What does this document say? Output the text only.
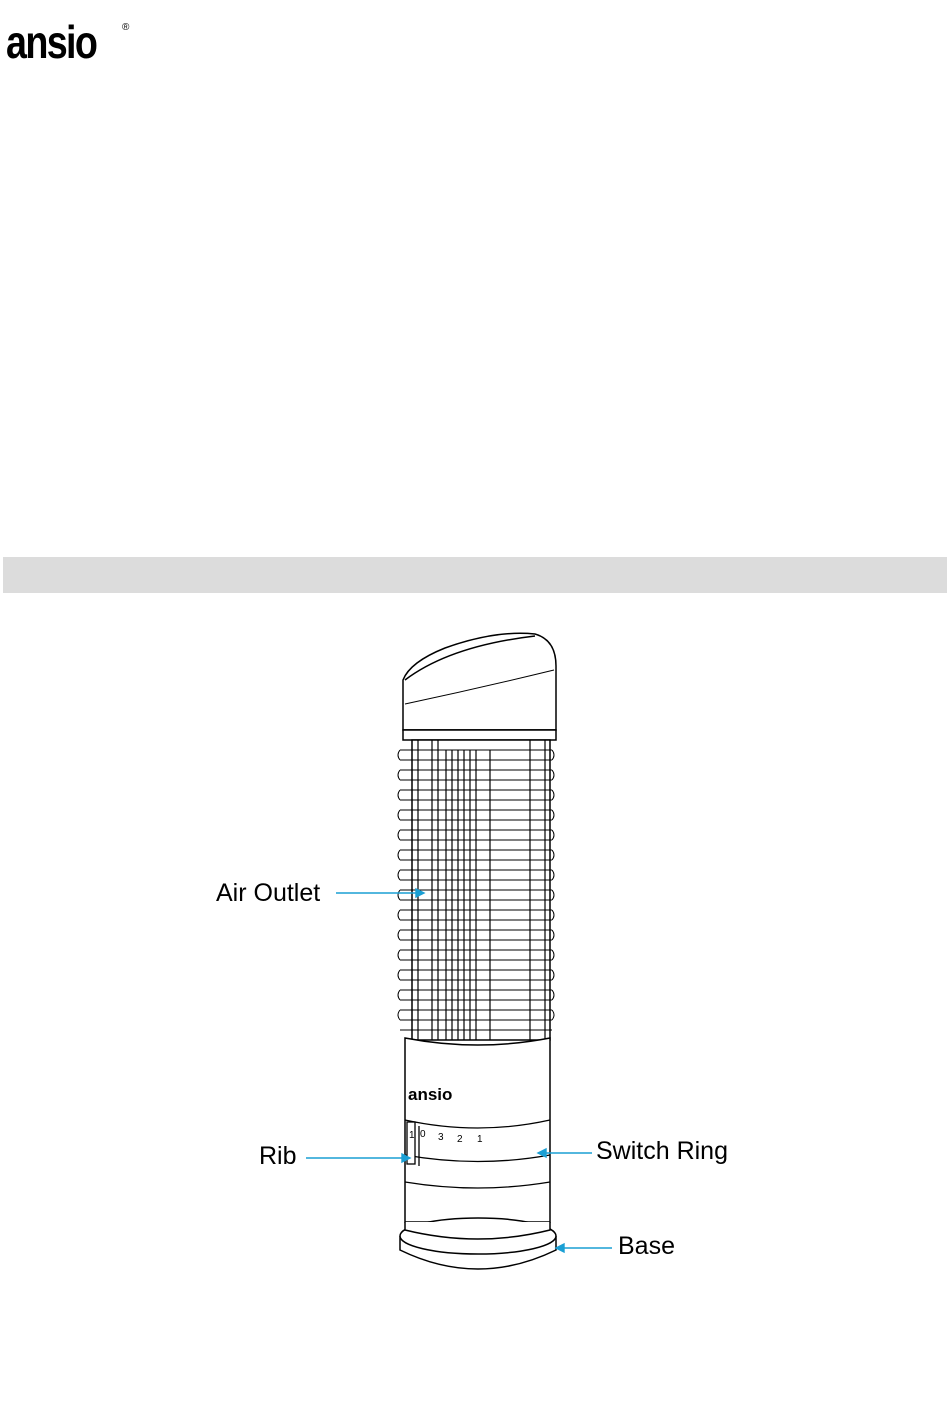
ansio	®
ansio
1 0 3 2 1
Air Outlet
Rib	Switch Ring
Base
